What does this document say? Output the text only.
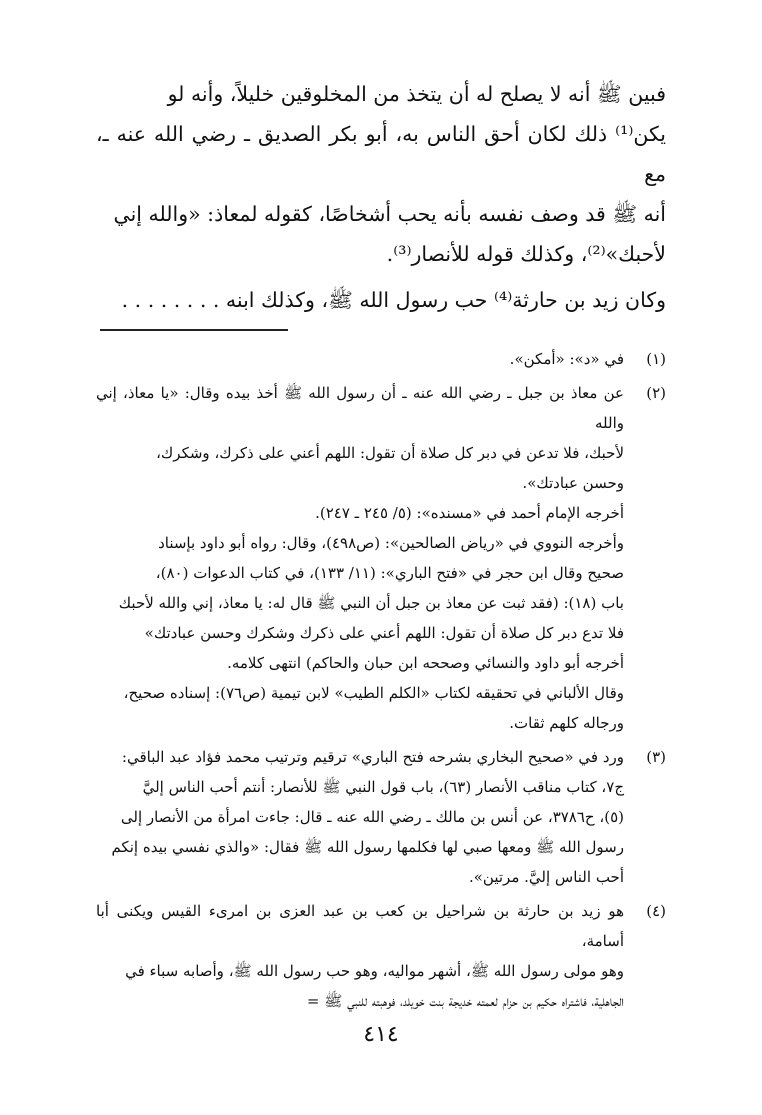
فبين ﷺ أنه لا يصلح له أن يتخذ من المخلوقين خليلاً، وأنه لو
يكن⁽¹⁾ ذلك لكان أحق الناس به، أبو بكر الصديق ـ رضي الله عنه ـ، مع
أنه ﷺ قد وصف نفسه بأنه يحب أشخاصًا، كقوله لمعاذ: «والله إني
لأحبك»⁽²⁾، وكذلك قوله للأنصار⁽³⁾.

وكان زيد بن حارثة⁽⁴⁾ حب رسول الله ﷺ، وكذلك ابنه . . . . . . . .

(١)
في «د»: «أمكن».
(٢)
عن معاذ بن جبل ـ رضي الله عنه ـ أن رسول الله ﷺ أخذ بيده وقال: «يا معاذ، إني والله
لأحبك، فلا تدعن في دبر كل صلاة أن تقول: اللهم أعني على ذكرك، وشكرك،
وحسن عبادتك».
أخرجه الإمام أحمد في «مسنده»: (٥/ ٢٤٥ ـ ٢٤٧).
وأخرجه النووي في «رياض الصالحين»: (ص٤٩٨)، وقال: رواه أبو داود بإسناد
صحيح وقال ابن حجر في «فتح الباري»: (١١/ ١٣٣)، في كتاب الدعوات (٨٠)،
باب (١٨): (فقد ثبت عن معاذ بن جبل أن النبي ﷺ قال له: يا معاذ، إني والله لأحبك
فلا تدع دبر كل صلاة أن تقول: اللهم أعني على ذكرك وشكرك وحسن عبادتك»
أخرجه أبو داود والنسائي وصححه ابن حبان والحاكم) انتهى كلامه.
وقال الألباني في تحقيقه لكتاب «الكلم الطيب» لابن تيمية (ص٧٦): إسناده صحيح،
ورجاله كلهم ثقات.
(٣)
ورد في «صحيح البخاري بشرحه فتح الباري» ترقيم وترتيب محمد فؤاد عبد الباقي:
ج٧، كتاب مناقب الأنصار (٦٣)، باب قول النبي ﷺ للأنصار: أنتم أحب الناس إليَّ
(٥)، ح٣٧٨٦، عن أنس بن مالك ـ رضي الله عنه ـ قال: جاءت امرأة من الأنصار إلى
رسول الله ﷺ ومعها صبي لها فكلمها رسول الله ﷺ فقال: «والذي نفسي بيده إنكم
أحب الناس إليَّ. مرتين».
(٤)
هو زيد بن حارثة بن شراحيل بن كعب بن عبد العزى بن امرىء القيس ويكنى أبا أسامة،
وهو مولى رسول الله ﷺ، أشهر مواليه، وهو حب رسول الله ﷺ، وأصابه سباء في
الجاهلية، فاشتراه حكيم بن حزام لعمته خديجة بنت خويلد، فوهبته للنبي ﷺ =
٤١٤
